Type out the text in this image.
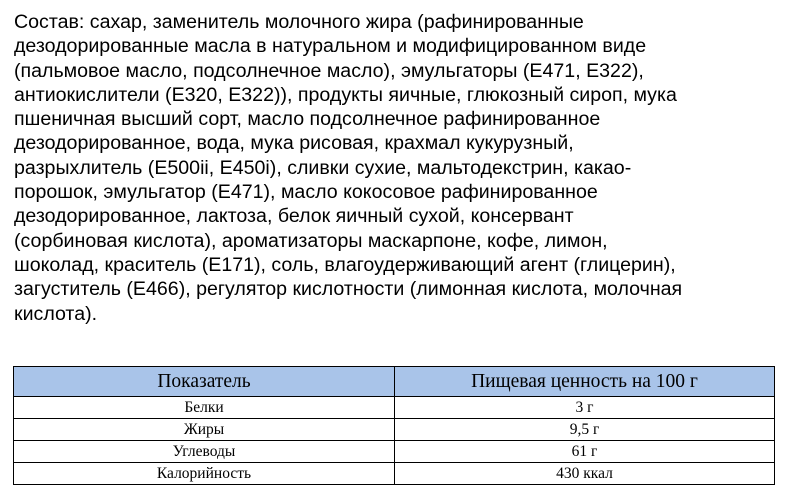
Состав: сахар, заменитель молочного жира (рафинированные
дезодорированные масла в натуральном и модифицированном виде
(пальмовое масло, подсолнечное масло), эмульгаторы (Е471, Е322),
антиокислители (Е320, Е322)), продукты яичные, глюкозный сироп, мука
пшеничная высший сорт, масло подсолнечное рафинированное
дезодорированное, вода, мука рисовая, крахмал кукурузный,
разрыхлитель (Е500ii, Е450i), сливки сухие, мальтодекстрин, какао-
порошок, эмульгатор (Е471), масло кокосовое рафинированное
дезодорированное, лактоза, белок яичный сухой, консервант
(сорбиновая кислота), ароматизаторы маскарпоне, кофе, лимон,
шоколад, краситель (Е171), соль, влагоудерживающий агент (глицерин),
загуститель (Е466), регулятор кислотности (лимонная кислота, молочная
кислота).

Показатель	Пищевая ценность на 100 г
Белки	3 г
Жиры	9,5 г
Углеводы	61 г
Калорийность	430 ккал
